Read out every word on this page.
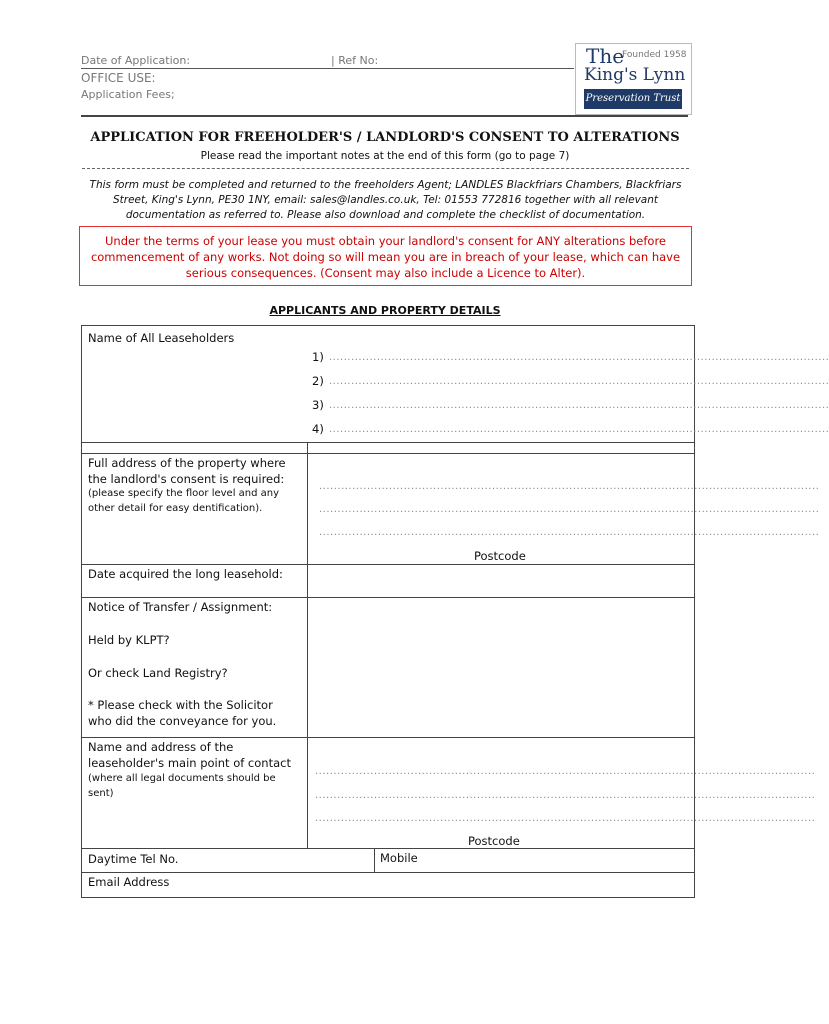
Date of Application:	| Ref No:
OFFICE USE:
Application Fees;
The
Founded 1958
King's Lynn
Preservation Trust
APPLICATION FOR FREEHOLDER'S / LANDLORD'S CONSENT TO ALTERATIONS
Please read the important notes at the end of this form (go to page 7)
This form must be completed and returned to the freeholders Agent; LANDLES Blackfriars Chambers, Blackfriars Street, King's Lynn, PE30 1NY, email: sales@landles.co.uk, Tel: 01553 772816 together with all relevant documentation as referred to. Please also download and complete the checklist of documentation.
Under the terms of your lease you must obtain your landlord's consent for ANY alterations before commencement of any works. Not doing so will mean you are in breach of your lease, which can have serious consequences. (Consent may also include a Licence to Alter).
APPLICANTS AND PROPERTY DETAILS
Name of All Leaseholders
1) ........................................................................................................................................
2) ........................................................................................................................................
3) ........................................................................................................................................
4) ........................................................................................................................................
Full address of the property where the landlord's consent is required:
(please specify the floor level and any other detail for easy dentification).
........................................................................................................................................
........................................................................................................................................
........................................................................................................................................
Postcode
Date acquired the long leasehold:
Notice of Transfer / Assignment:
Held by KLPT?
Or check Land Registry?
* Please check with the Solicitor who did the conveyance for you.
Name and address of the leaseholder's main point of contact
(where all legal documents should be sent)
........................................................................................................................................
........................................................................................................................................
........................................................................................................................................
Postcode
Daytime Tel No.	Mobile
Email Address
